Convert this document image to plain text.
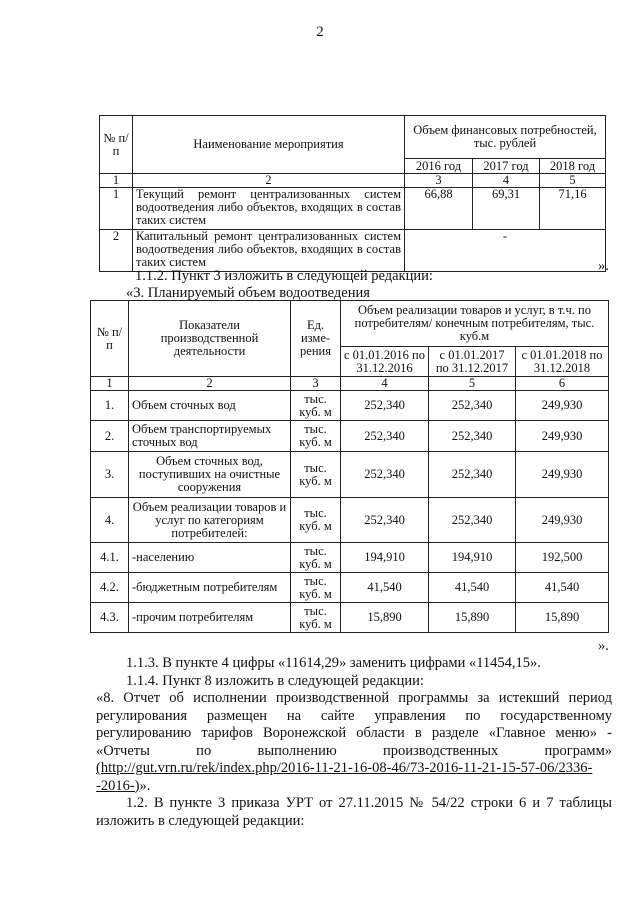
2
№ п/п	Наименование мероприятия	Объем финансовых потребностей, тыс. рублей		
		2016 год	2017 год	2018 год
1	2	3	4	5
1	Текущий ремонт централизованных систем водоотведения либо объектов, входящих в состав таких систем	66,88	69,31	71,16
2	Капитальный ремонт централизованных систем водоотведения либо объектов, входящих в состав таких систем	-		
».
1.1.2. Пункт 3 изложить в следующей редакции:
«3. Планируемый объем водоотведения
№ п/п	Показатели производственной деятельности	Ед. изме- рения	Объем реализации товаров и услуг, в т.ч. по потребителям/ конечным потребителям, тыс. куб.м		
			с 01.01.2016 по 31.12.2016	с 01.01.2017 по 31.12.2017	с 01.01.2018 по 31.12.2018
1	2	3	4	5	6
1.	Объем сточных вод	тыс. куб. м	252,340	252,340	249,930
2.	Объем транспортируемых сточных вод	тыс. куб. м	252,340	252,340	249,930
3.	Объем сточных вод, поступивших на очистные сооружения	тыс. куб. м	252,340	252,340	249,930
4.	Объем реализации товаров и услуг по категориям потребителей:	тыс. куб. м	252,340	252,340	249,930
4.1.	-населению	тыс. куб. м	194,910	194,910	192,500
4.2.	-бюджетным потребителям	тыс. куб. м	41,540	41,540	41,540
4.3.	-прочим потребителям	тыс. куб. м	15,890	15,890	15,890
».
1.1.3. В пункте 4 цифры «11614,29» заменить цифрами «11454,15».
1.1.4. Пункт 8 изложить в следующей редакции:
«8. Отчет об исполнении производственной программы за истекший период регулирования размещен на сайте управления по государственному регулированию тарифов Воронежской области в разделе «Главное меню» - «Отчеты по выполнению производственных программ» (http://gut.vrn.ru/rek/index.php/2016-11-21-16-08-46/73-2016-11-21-15-57-06/2336--2016-)».
1.2. В пункте 3 приказа УРТ от 27.11.2015 № 54/22 строки 6 и 7 таблицы изложить в следующей редакции:
